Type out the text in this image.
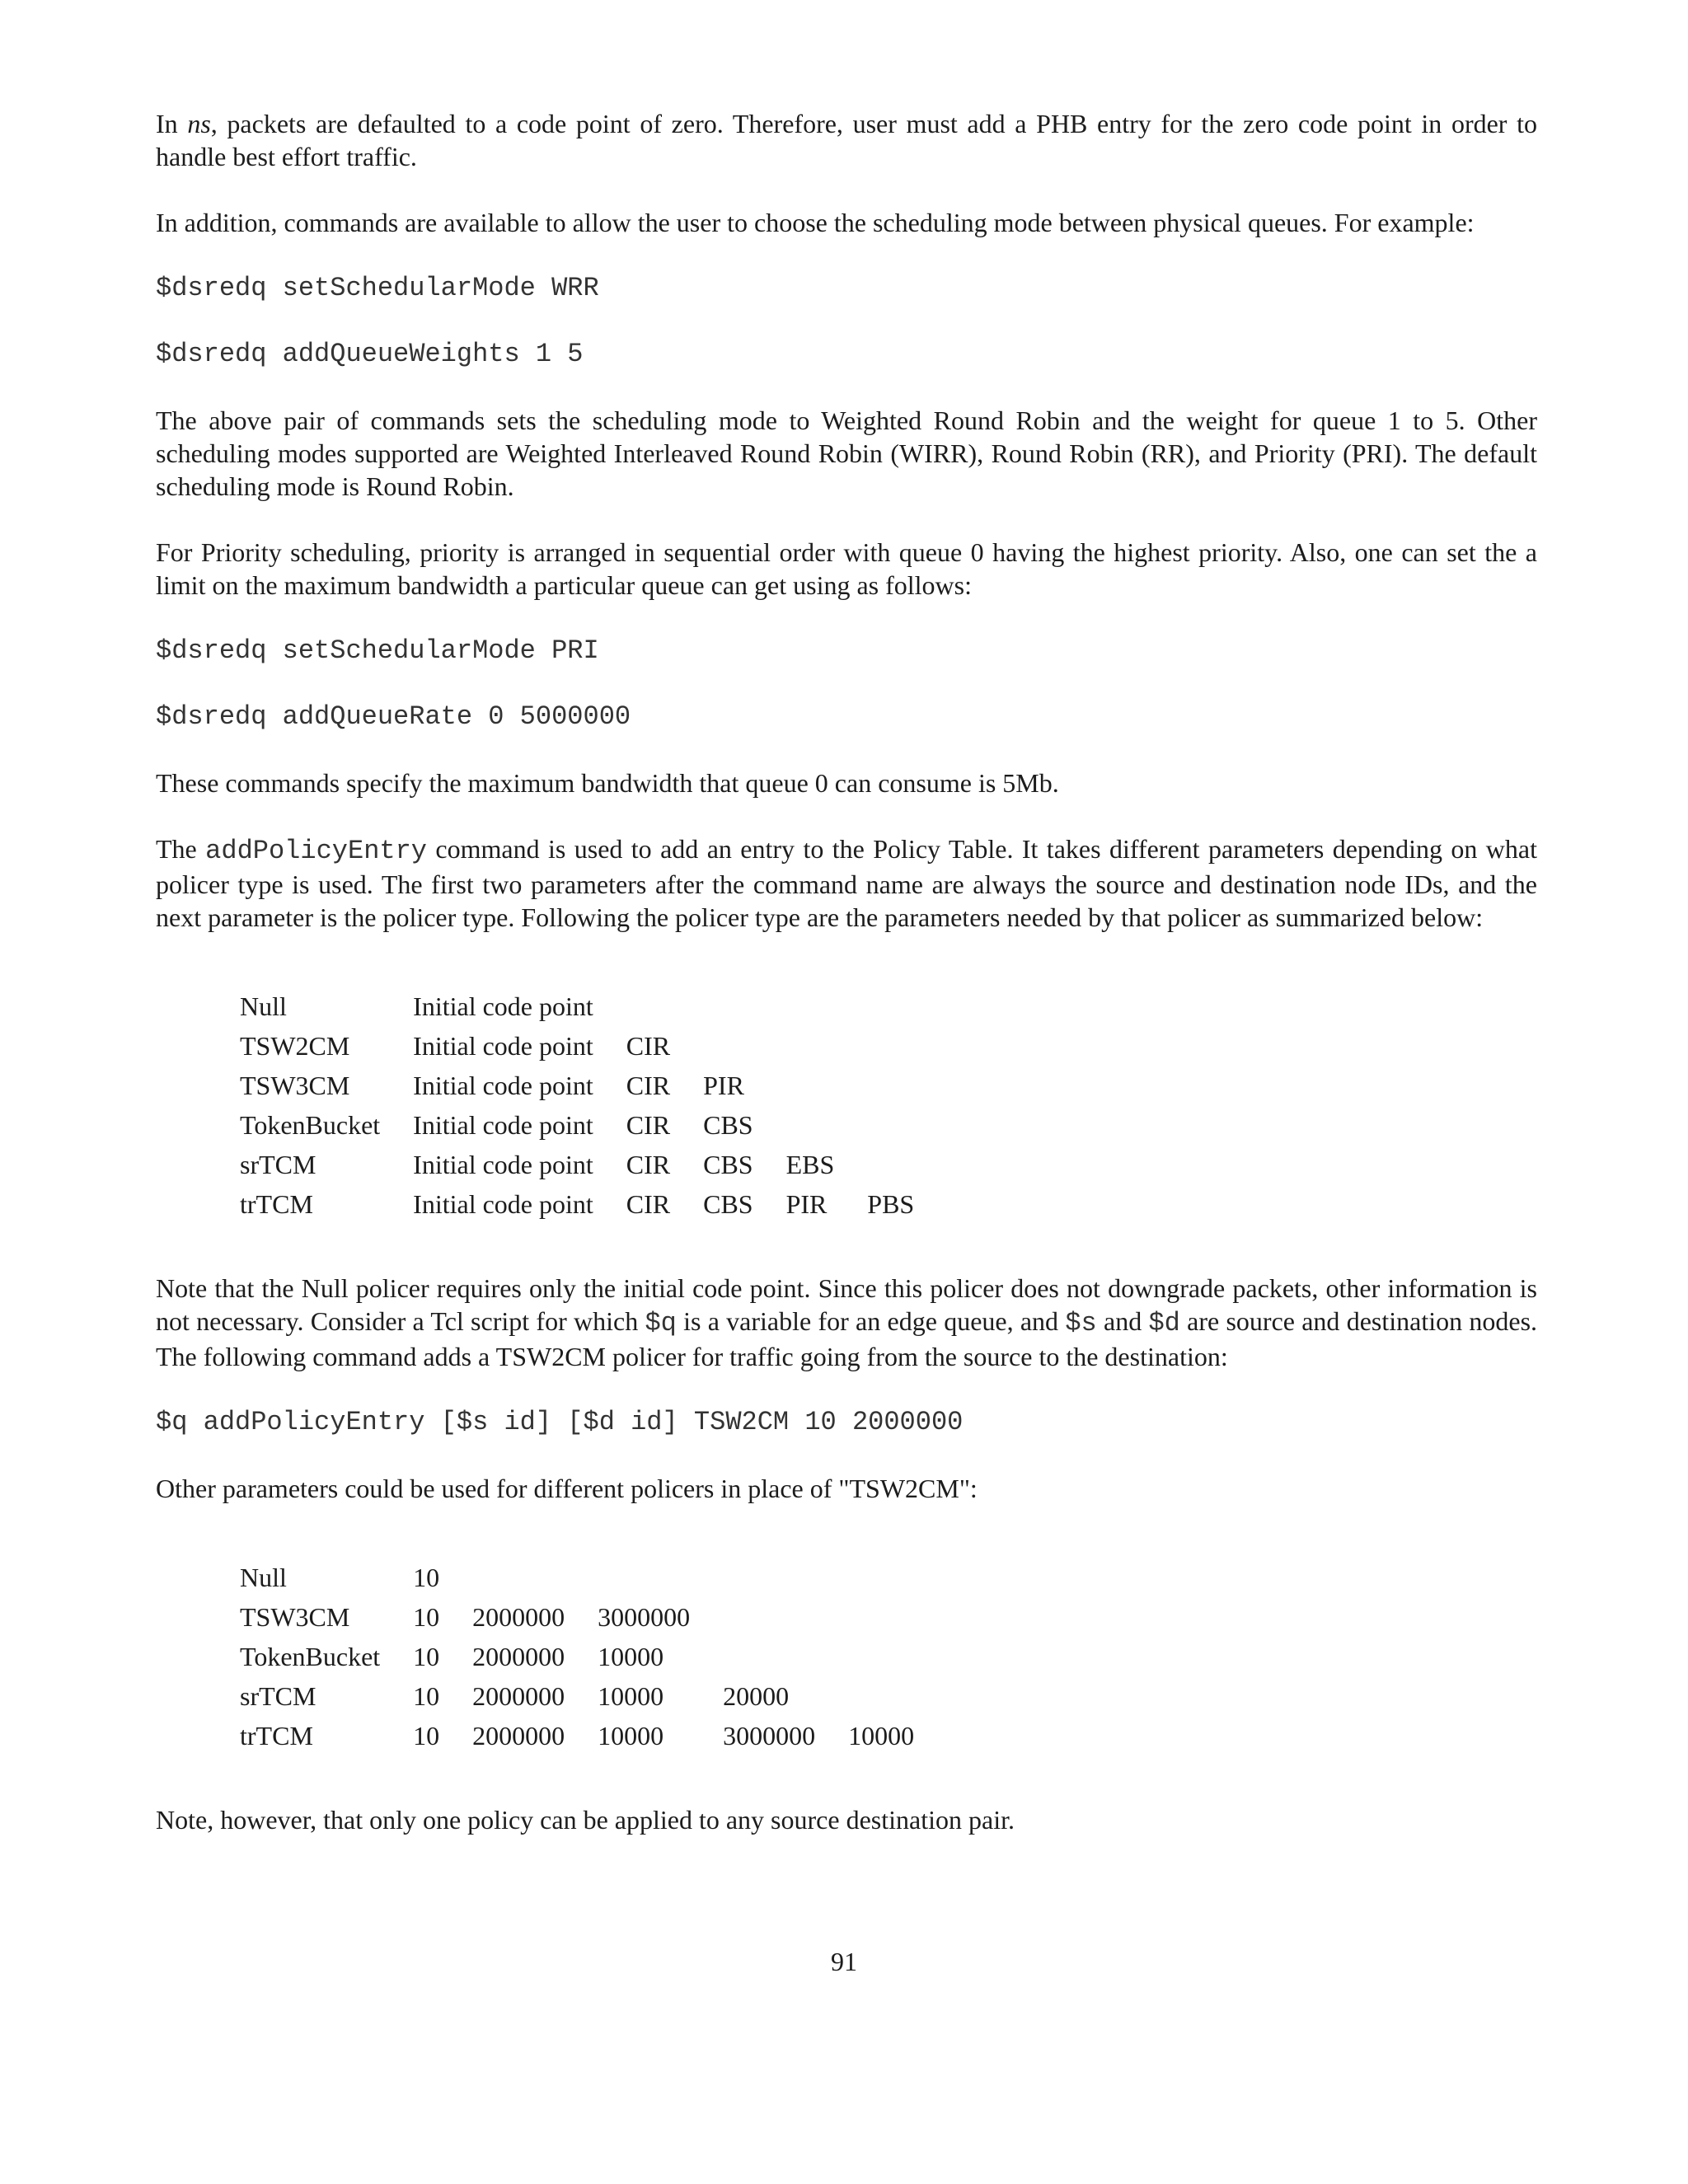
In ns, packets are defaulted to a code point of zero. Therefore, user must add a PHB entry for the zero code point in order to handle best effort traffic.

In addition, commands are available to allow the user to choose the scheduling mode between physical queues. For example:

$dsredq setSchedularMode WRR
$dsredq addQueueWeights 1 5

The above pair of commands sets the scheduling mode to Weighted Round Robin and the weight for queue 1 to 5. Other scheduling modes supported are Weighted Interleaved Round Robin (WIRR), Round Robin (RR), and Priority (PRI). The default scheduling mode is Round Robin.

For Priority scheduling, priority is arranged in sequential order with queue 0 having the highest priority. Also, one can set the a limit on the maximum bandwidth a particular queue can get using as follows:

$dsredq setSchedularMode PRI
$dsredq addQueueRate 0 5000000

These commands specify the maximum bandwidth that queue 0 can consume is 5Mb.

The addPolicyEntry command is used to add an entry to the Policy Table. It takes different parameters depending on what policer type is used. The first two parameters after the command name are always the source and destination node IDs, and the next parameter is the policer type. Following the policer type are the parameters needed by that policer as summarized below:

Null	Initial code point				
TSW2CM	Initial code point	CIR			
TSW3CM	Initial code point	CIR	PIR		
TokenBucket	Initial code point	CIR	CBS		
srTCM	Initial code point	CIR	CBS	EBS	
trTCM	Initial code point	CIR	CBS	PIR	PBS

Note that the Null policer requires only the initial code point. Since this policer does not downgrade packets, other information is not necessary. Consider a Tcl script for which $q is a variable for an edge queue, and $s and $d are source and destination nodes. The following command adds a TSW2CM policer for traffic going from the source to the destination:

$q addPolicyEntry [$s id] [$d id] TSW2CM 10 2000000

Other parameters could be used for different policers in place of "TSW2CM":

Null	10				
TSW3CM	10	2000000	3000000		
TokenBucket	10	2000000	10000		
srTCM	10	2000000	10000	20000	
trTCM	10	2000000	10000	3000000	10000

Note, however, that only one policy can be applied to any source destination pair.

91
